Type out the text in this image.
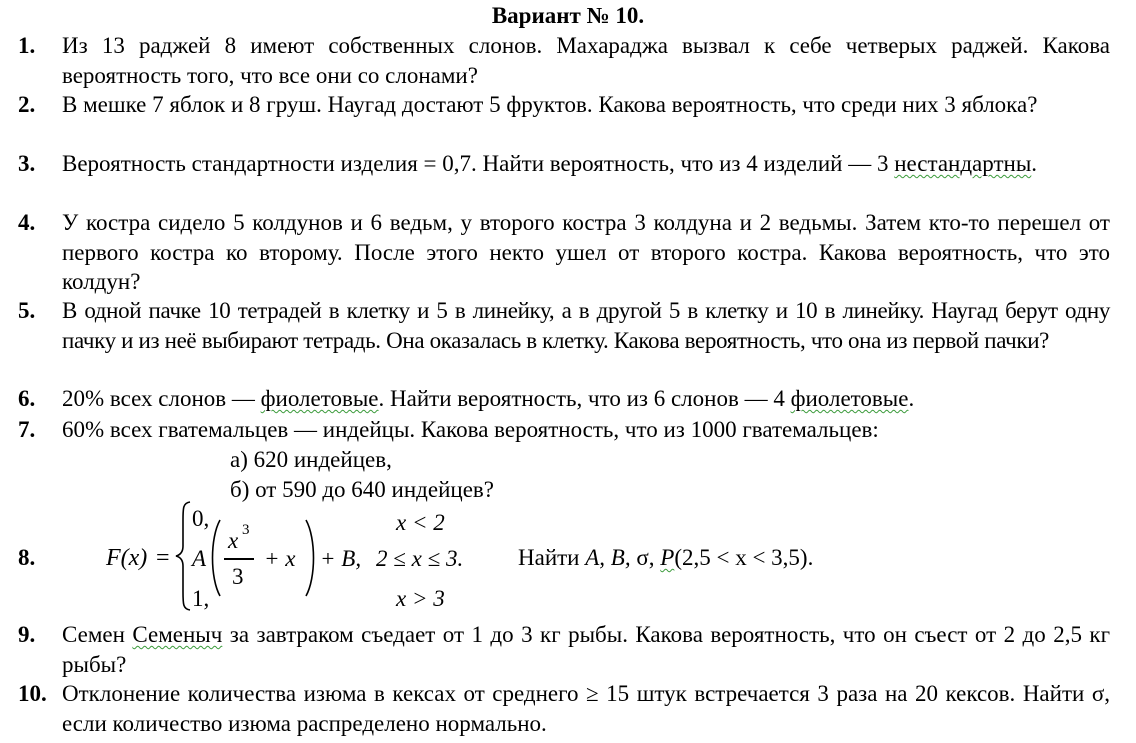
Вариант № 10.
1.	Из 13 раджей 8 имеют собственных слонов. Махараджа вызвал к себе четверых раджей. Какова вероятность того, что все они со слонами?
2.	В мешке 7 яблок и 8 груш. Наугад достают 5 фруктов. Какова вероятность, что среди них 3 яблока?
3.	Вероятность стандартности изделия = 0,7. Найти вероятность, что из 4 изделий — 3 нестандартны.
4.	У костра сидело 5 колдунов и 6 ведьм, у второго костра 3 колдуна и 2 ведьмы. Затем кто-то перешел от первого костра ко второму. После этого некто ушел от второго костра. Какова вероятность, что это колдун?
5.	В одной пачке 10 тетрадей в клетку и 5 в линейку, а в другой 5 в клетку и 10 в линейку. Наугад берут одну пачку и из неё выбирают тетрадь. Она оказалась в клетку. Какова вероятность, что она из первой пачки?
6.	20% всех слонов — фиолетовые. Найти вероятность, что из 6 слонов — 4 фиолетовые.
7.	60% всех гватемальцев — индейцы. Какова вероятность, что из 1000 гватемальцев:
а) 620 индейцев,
б) от 590 до 640 индейцев?
8.	F(x) =
0,	x < 2
A
x 3
3
+ x + B, 2 ≤ x ≤ 3.
1,	x > 3
Найти A, B, σ, P(2,5 < x < 3,5).
9.	Семен Семеныч за завтраком съедает от 1 до 3 кг рыбы. Какова вероятность, что он съест от 2 до 2,5 кг рыбы?
10. Отклонение количества изюма в кексах от среднего ≥ 15 штук встречается 3 раза на 20 кексов. Найти σ, если количество изюма распределено нормально.
